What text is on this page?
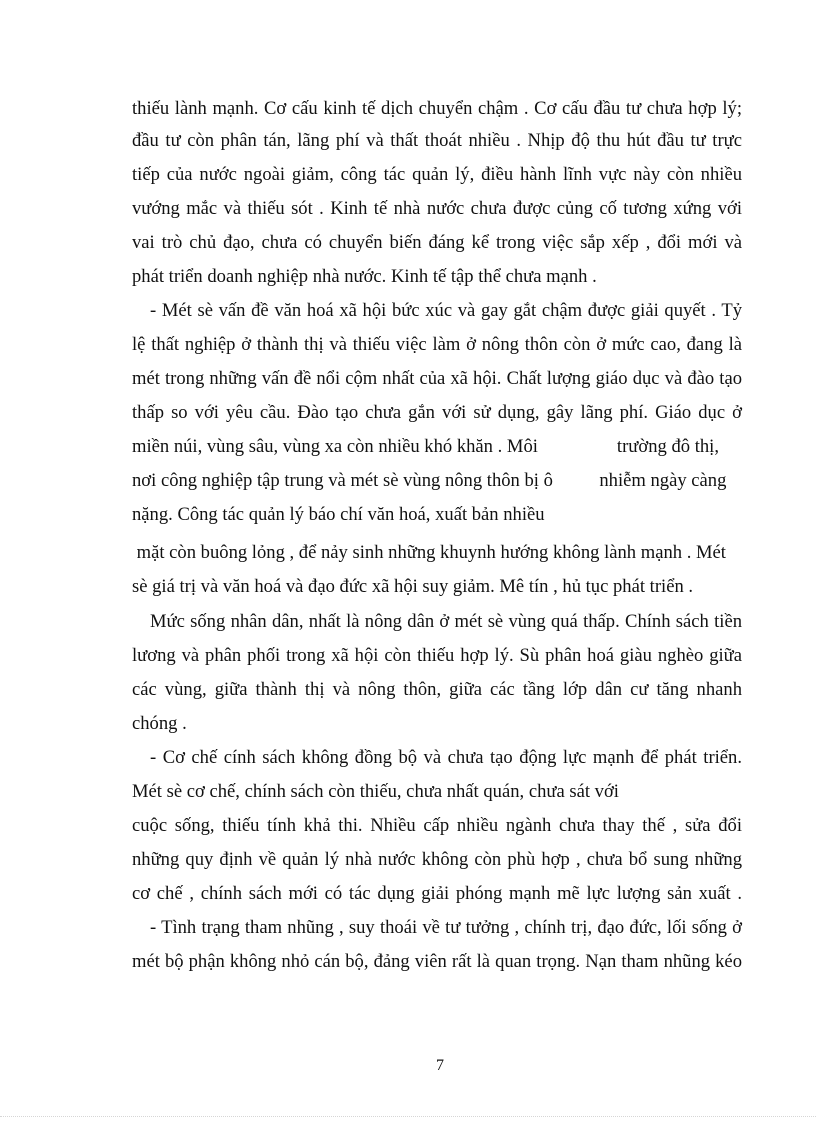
thiếu lành mạnh. Cơ cấu kinh tế dịch chuyển chậm . Cơ cấu đầu tư chưa hợp lý;
đầu tư còn phân tán, lãng phí và thất thoát nhiều . Nhịp độ thu hút đầu tư trực
tiếp của nước ngoài giảm, công tác quản lý, điều hành lĩnh vực này còn nhiều
vướng mắc và thiếu sót . Kinh tế nhà nước chưa được củng cố tương xứng với
vai trò chủ đạo, chưa có chuyển biến đáng kể trong việc sắp xếp , đổi mới và
phát triển doanh nghiệp nhà nước. Kinh tế tập thể chưa mạnh .
- Mét sè vấn đề văn hoá xã hội bức xúc và gay gắt chậm được giải quyết . Tỷ
lệ thất nghiệp ở thành thị và thiếu việc làm ở nông thôn còn ở mức cao, đang là
mét trong những vấn đề nổi cộm nhất của xã hội. Chất lượng giáo dục và đào tạo
thấp so với yêu cầu. Đào tạo chưa gắn với sử dụng, gây lãng phí. Giáo dục ở
miền núi, vùng sâu, vùng xa còn nhiều khó khăn . Môi                 trường đô thị,
nơi công nghiệp tập trung và mét sè vùng nông thôn bị ô          nhiễm ngày càng
nặng. Công tác quản lý báo chí văn hoá, xuất bản nhiều
mặt còn buông lỏng , để nảy sinh những khuynh hướng không lành mạnh . Mét
sè giá trị và văn hoá và đạo đức xã hội suy giảm. Mê tín , hủ tục phát triển .
Mức sống nhân dân, nhất là nông dân ở mét sè vùng quá thấp. Chính sách tiền
lương và phân phối trong xã hội còn thiếu hợp lý. Sù phân hoá giàu nghèo giữa
các vùng, giữa thành thị và nông thôn, giữa các tầng lớp dân cư tăng nhanh
chóng .
- Cơ chế cính sách không đồng bộ và chưa tạo động lực mạnh để phát triển.
Mét sè cơ chế, chính sách còn thiếu, chưa nhất quán, chưa sát với
cuộc sống, thiếu tính khả thi. Nhiều cấp nhiều ngành chưa thay thế , sửa đổi
những quy định về quản lý nhà nước không còn phù hợp , chưa bổ sung những
cơ chế , chính sách mới có tác dụng giải phóng mạnh mẽ lực lượng sản xuất .
- Tình trạng tham nhũng , suy thoái về tư tưởng , chính trị, đạo đức, lối sống ở
mét bộ phận không nhỏ cán bộ, đảng viên rất là quan trọng. Nạn tham nhũng kéo
7
